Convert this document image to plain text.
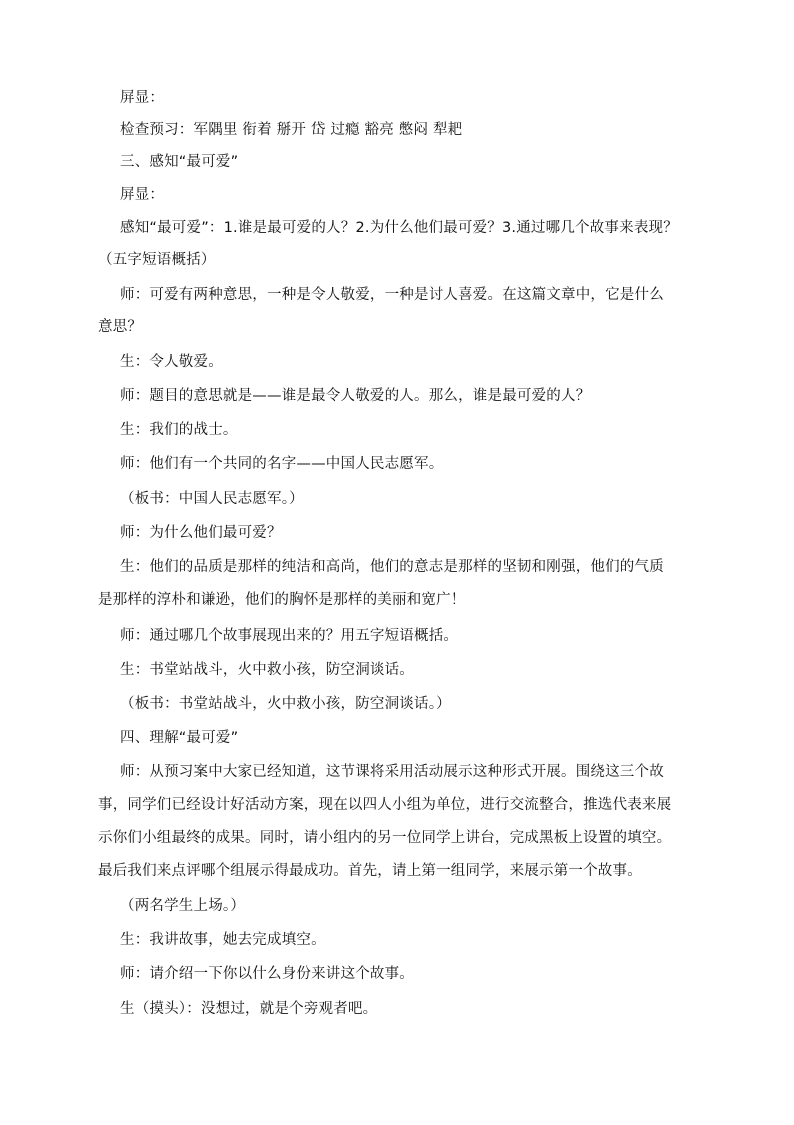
屏显：
检查预习：军隅里 衔着 掰开 岱 过瘾 豁亮 憋闷 犁耙
三、感知“最可爱”
屏显：
感知“最可爱”：1.谁是最可爱的人？2.为什么他们最可爱？3.通过哪几个故事来表现？
（五字短语概括）
师：可爱有两种意思，一种是令人敬爱，一种是讨人喜爱。在这篇文章中，它是什么
意思？
生：令人敬爱。
师：题目的意思就是——谁是最令人敬爱的人。那么，谁是最可爱的人？
生：我们的战士。
师：他们有一个共同的名字——中国人民志愿军。
（板书：中国人民志愿军。）
师：为什么他们最可爱？
生：他们的品质是那样的纯洁和高尚，他们的意志是那样的坚韧和刚强，他们的气质
是那样的淳朴和谦逊，他们的胸怀是那样的美丽和宽广！
师：通过哪几个故事展现出来的？用五字短语概括。
生：书堂站战斗，火中救小孩，防空洞谈话。
（板书：书堂站战斗，火中救小孩，防空洞谈话。）
四、理解“最可爱”
师：从预习案中大家已经知道，这节课将采用活动展示这种形式开展。围绕这三个故
事，同学们已经设计好活动方案，现在以四人小组为单位，进行交流整合，推选代表来展
示你们小组最终的成果。同时，请小组内的另一位同学上讲台，完成黑板上设置的填空。
最后我们来点评哪个组展示得最成功。首先，请上第一组同学，来展示第一个故事。
（两名学生上场。）
生：我讲故事，她去完成填空。
师：请介绍一下你以什么身份来讲这个故事。
生（摸头）：没想过，就是个旁观者吧。
